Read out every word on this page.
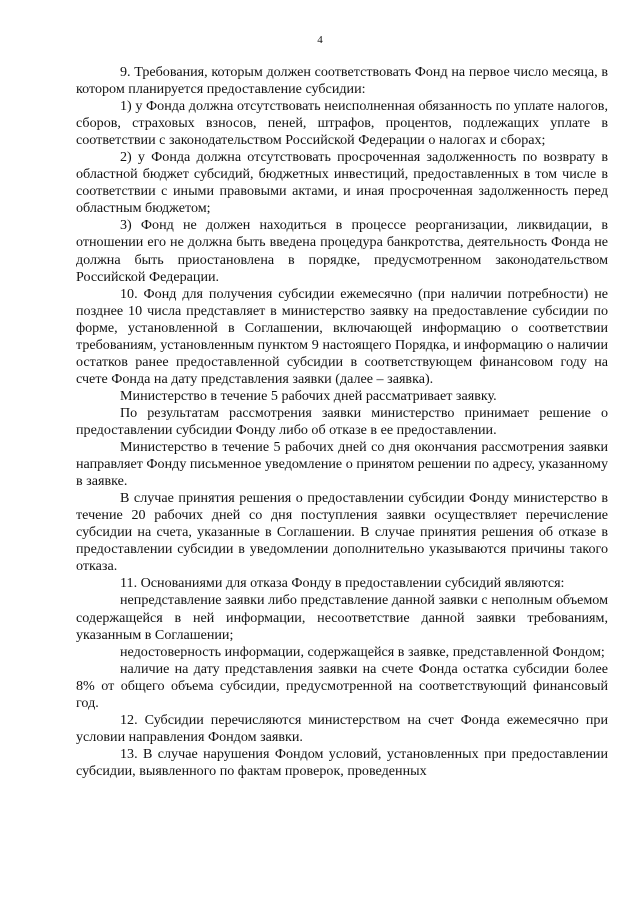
4

9. Требования, которым должен соответствовать Фонд на первое число месяца, в котором планируется предоставление субсидии:

1) у Фонда должна отсутствовать неисполненная обязанность по уплате налогов, сборов, страховых взносов, пеней, штрафов, процентов, подлежащих уплате в соответствии с законодательством Российской Федерации о налогах и сборах;

2) у Фонда должна отсутствовать просроченная задолженность по возврату в областной бюджет субсидий, бюджетных инвестиций, предоставленных в том числе в соответствии с иными правовыми актами, и иная просроченная задолженность перед областным бюджетом;

3) Фонд не должен находиться в процессе реорганизации, ликвидации, в отношении его не должна быть введена процедура банкротства, деятельность Фонда не должна быть приостановлена в порядке, предусмотренном законодательством Российской Федерации.

10. Фонд для получения субсидии ежемесячно (при наличии потребности) не позднее 10 числа представляет в министерство заявку на предоставление субсидии по форме, установленной в Соглашении, включающей информацию о соответствии требованиям, установленным пунктом 9 настоящего Порядка, и информацию о наличии остатков ранее предоставленной субсидии в соответствующем финансовом году на счете Фонда на дату представления заявки (далее – заявка).

Министерство в течение 5 рабочих дней рассматривает заявку.

По результатам рассмотрения заявки министерство принимает решение о предоставлении субсидии Фонду либо об отказе в ее предоставлении.

Министерство в течение 5 рабочих дней со дня окончания рассмотрения заявки направляет Фонду письменное уведомление о принятом решении по адресу, указанному в заявке.

В случае принятия решения о предоставлении субсидии Фонду министерство в течение 20 рабочих дней со дня поступления заявки осуществляет перечисление субсидии на счета, указанные в Соглашении. В случае принятия решения об отказе в предоставлении субсидии в уведомлении дополнительно указываются причины такого отказа.

11. Основаниями для отказа Фонду в предоставлении субсидий являются:

непредставление заявки либо представление данной заявки с неполным объемом содержащейся в ней информации, несоответствие данной заявки требованиям, указанным в Соглашении;

недостоверность информации, содержащейся в заявке, представленной Фондом;

наличие на дату представления заявки на счете Фонда остатка субсидии более 8% от общего объема субсидии, предусмотренной на соответствующий финансовый год.

12. Субсидии перечисляются министерством на счет Фонда ежемесячно при условии направления Фондом заявки.

13. В случае нарушения Фондом условий, установленных при предоставлении субсидии, выявленного по фактам проверок, проведенных
